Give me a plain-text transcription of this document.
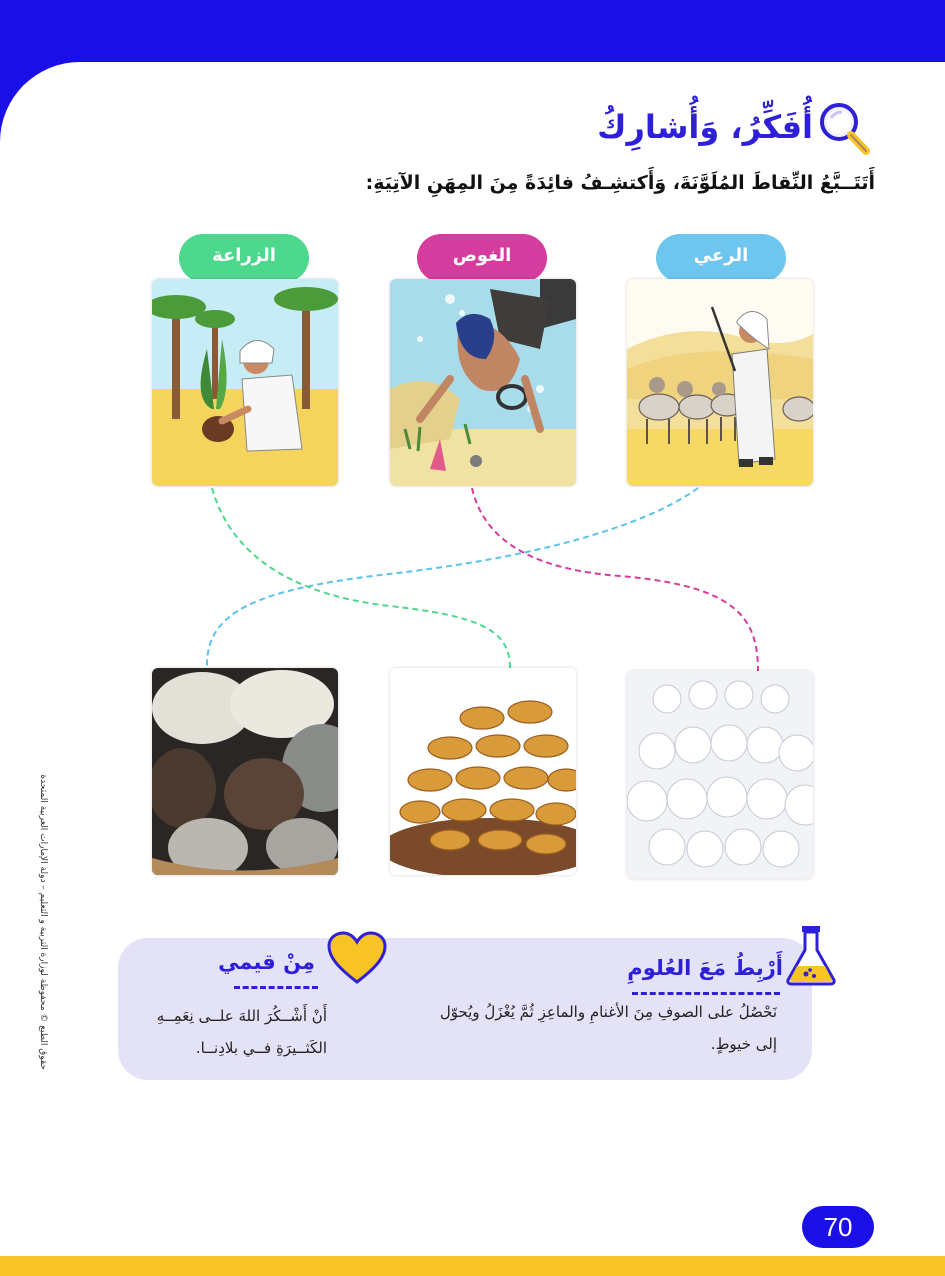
أُفَكِّرُ، وَأُشارِكُ
أَتَتَــبَّعُ النِّقاطَ المُلَوَّنَةَ، وَأَكتشِـفُ فائِدَةً مِنَ المِهَنِ الآتِيَةِ:
الرعي
الغوص
الزراعة
حقوق الطبع © محفوظة لوزارة التربية و التعليم – دولة الإمارات العربية المتحدة	أَرْبِطُ مَعَ العُلومِ
نَحْصُلُ على الصوفِ مِنَ الأغنامِ والماعِزِ ثُمَّ يُغْزَلُ ويُحوّل
إلى خيوطٍ.
مِنْ قيمي
أَنْ أَشْــكُرَ اللهَ علــى نِعَمِــهِ
الكَثــيرَةِ فــي بلادِنــا.
70
